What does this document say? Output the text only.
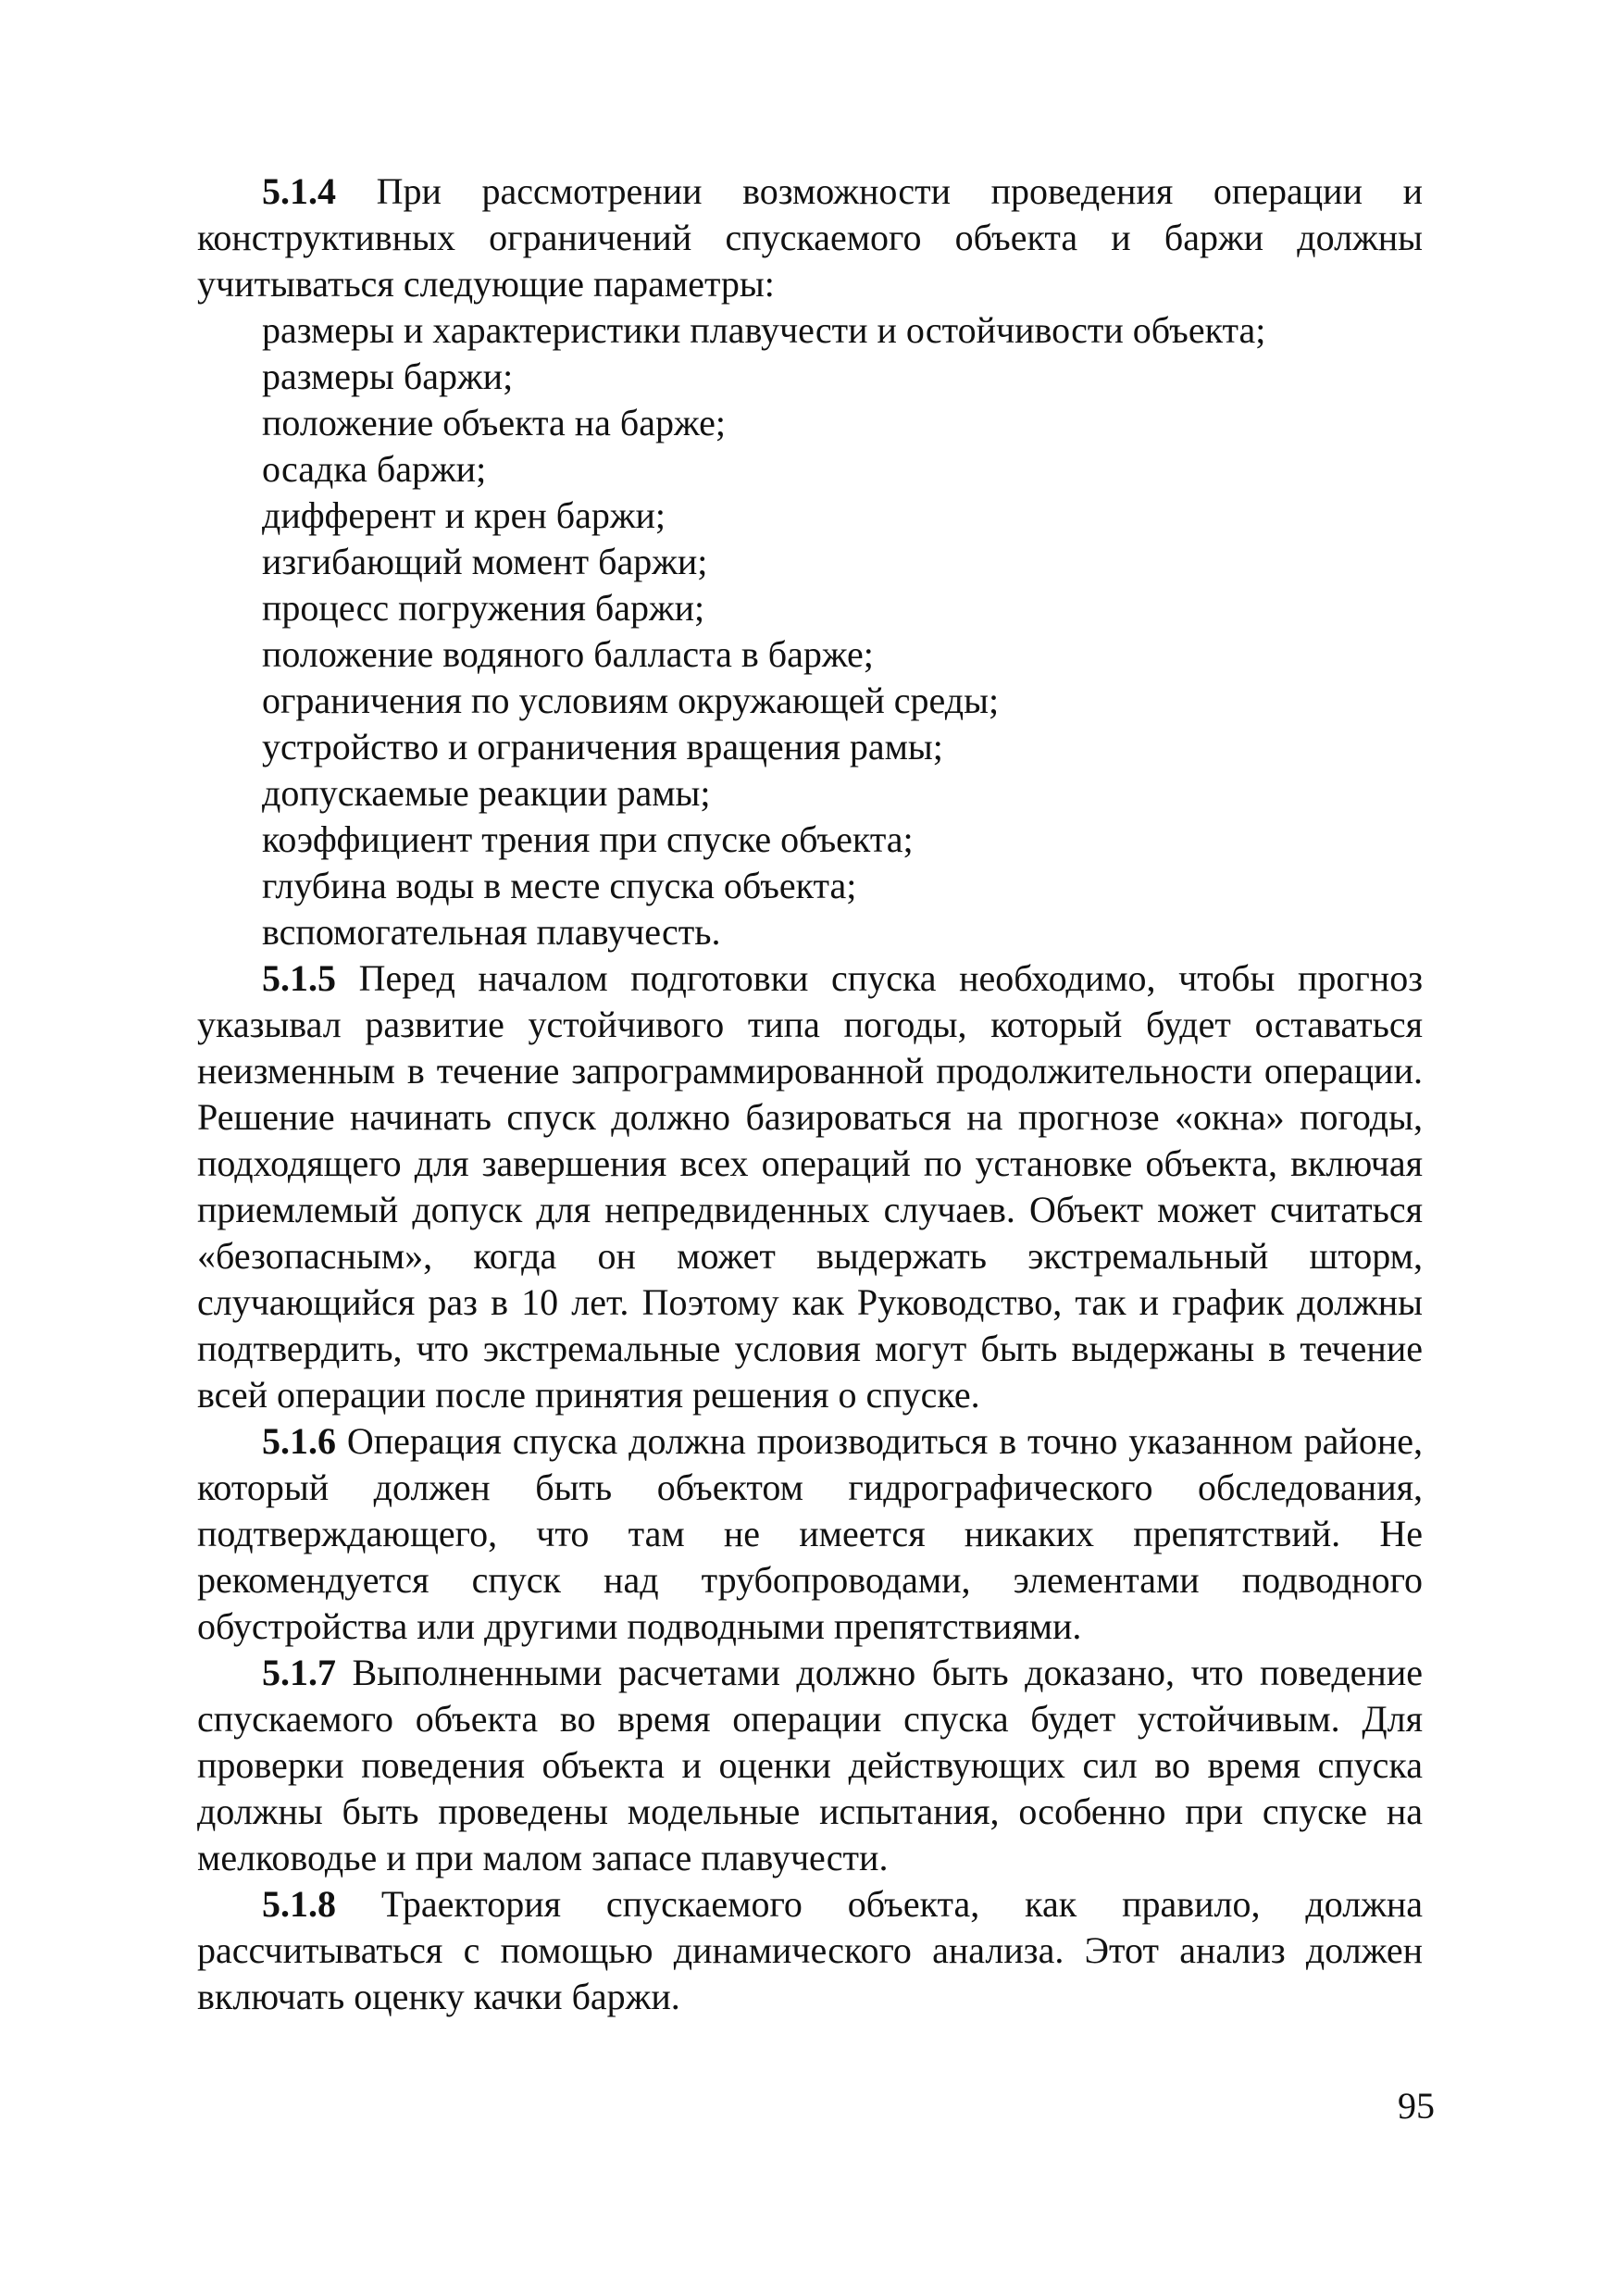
5.1.4 При рассмотрении возможности проведения операции и конструктивных ограничений спускаемого объекта и баржи должны учитываться следующие параметры:

размеры и характеристики плавучести и остойчивости объекта;
размеры баржи;
положение объекта на барже;
осадка баржи;
дифферент и крен баржи;
изгибающий момент баржи;
процесс погружения баржи;
положение водяного балласта в барже;
ограничения по условиям окружающей среды;
устройство и ограничения вращения рамы;
допускаемые реакции рамы;
коэффициент трения при спуске объекта;
глубина воды в месте спуска объекта;
вспомогательная плавучесть.

5.1.5 Перед началом подготовки спуска необходимо, чтобы прогноз указывал развитие устойчивого типа погоды, который будет оставаться неизменным в течение запрограммированной продолжительности операции. Решение начинать спуск должно базироваться на прогнозе «окна» погоды, подходящего для завершения всех операций по установке объекта, включая приемлемый допуск для непредвиденных случаев. Объект может считаться «безопасным», когда он может выдержать экстремальный шторм, случающийся раз в 10 лет. Поэтому как Руководство, так и график должны подтвердить, что экстремальные условия могут быть выдержаны в течение всей операции после принятия решения о спуске.

5.1.6 Операция спуска должна производиться в точно указанном районе, который должен быть объектом гидрографического обследования, подтверждающего, что там не имеется никаких препятствий. Не рекомендуется спуск над трубопроводами, элементами подводного обустройства или другими подводными препятствиями.

5.1.7 Выполненными расчетами должно быть доказано, что поведение спускаемого объекта во время операции спуска будет устойчивым. Для проверки поведения объекта и оценки действующих сил во время спуска должны быть проведены модельные испытания, особенно при спуске на мелководье и при малом запасе плавучести.

5.1.8 Траектория спускаемого объекта, как правило, должна рассчитываться с помощью динамического анализа. Этот анализ должен включать оценку качки баржи.

95
